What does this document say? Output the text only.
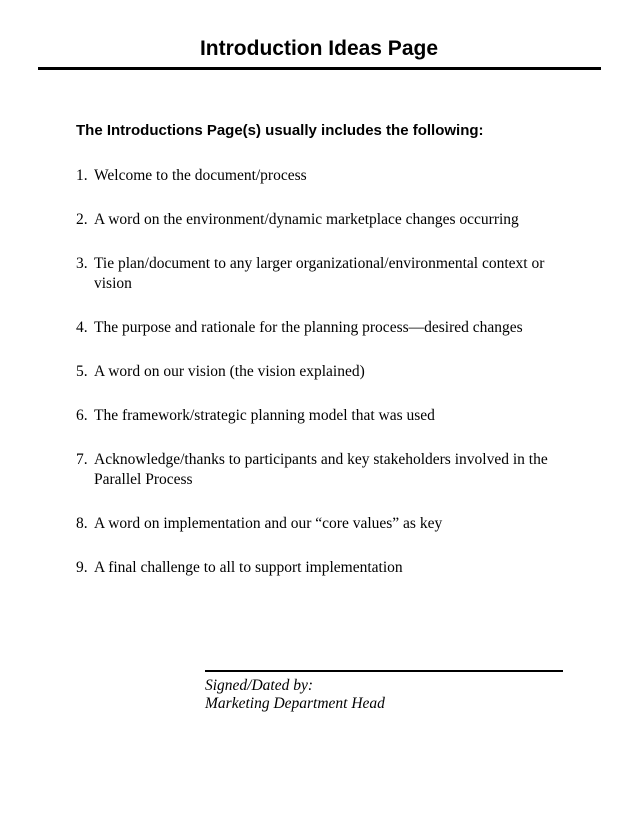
Introduction Ideas Page

The Introductions Page(s) usually includes the following:

1. Welcome to the document/process
2. A word on the environment/dynamic marketplace changes occurring
3. Tie plan/document to any larger organizational/environmental context or vision
4. The purpose and rationale for the planning process—desired changes
5. A word on our vision (the vision explained)
6. The framework/strategic planning model that was used
7. Acknowledge/thanks to participants and key stakeholders involved in the Parallel Process
8. A word on implementation and our “core values” as key
9. A final challenge to all to support implementation
Signed/Dated by:
Marketing Department Head
